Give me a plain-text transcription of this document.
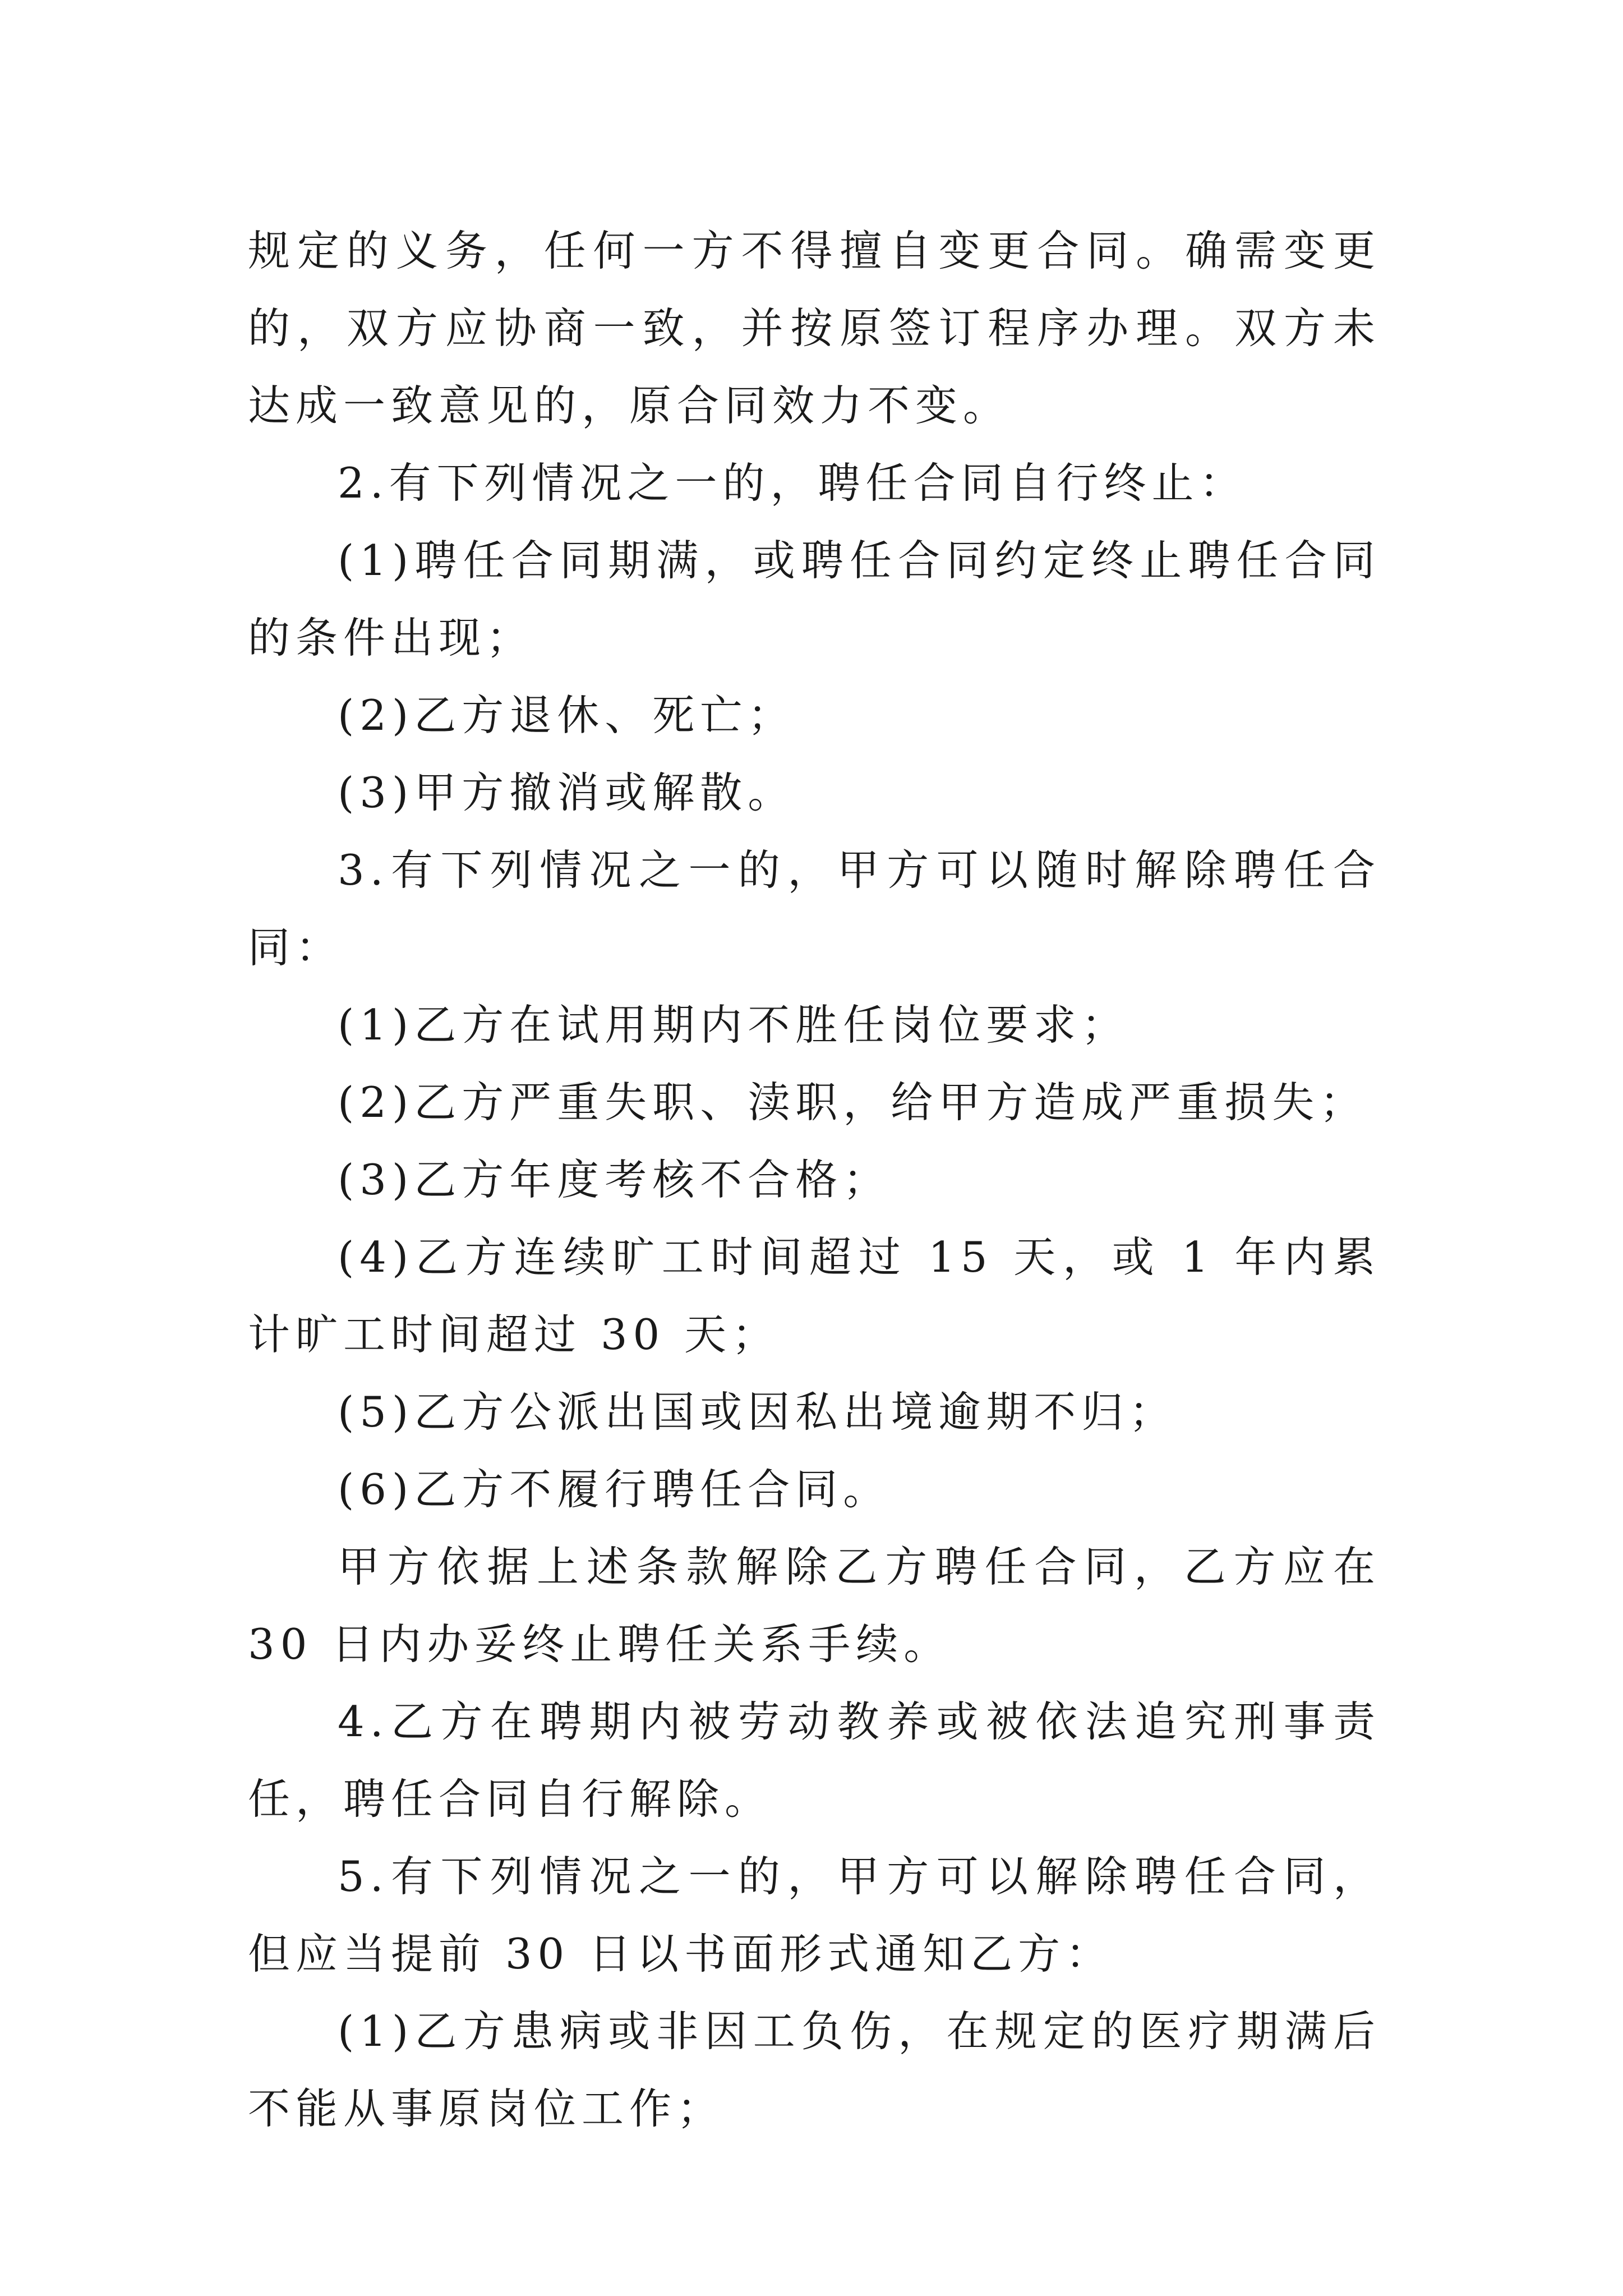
规定的义务，任何一方不得擅自变更合同。确需变更的，双方应协商一致，并按原签订程序办理。双方未达成一致意见的，原合同效力不变。

2.有下列情况之一的，聘任合同自行终止：

(1)聘任合同期满，或聘任合同约定终止聘任合同的条件出现；

(2)乙方退休、死亡；

(3)甲方撤消或解散。

3.有下列情况之一的，甲方可以随时解除聘任合同：

(1)乙方在试用期内不胜任岗位要求；

(2)乙方严重失职、渎职，给甲方造成严重损失；

(3)乙方年度考核不合格；

(4)乙方连续旷工时间超过 15 天，或 1 年内累计旷工时间超过 30 天；

(5)乙方公派出国或因私出境逾期不归；

(6)乙方不履行聘任合同。

甲方依据上述条款解除乙方聘任合同，乙方应在 30 日内办妥终止聘任关系手续。

4.乙方在聘期内被劳动教养或被依法追究刑事责任，聘任合同自行解除。

5.有下列情况之一的，甲方可以解除聘任合同，但应当提前 30 日以书面形式通知乙方：

(1)乙方患病或非因工负伤，在规定的医疗期满后不能从事原岗位工作；
